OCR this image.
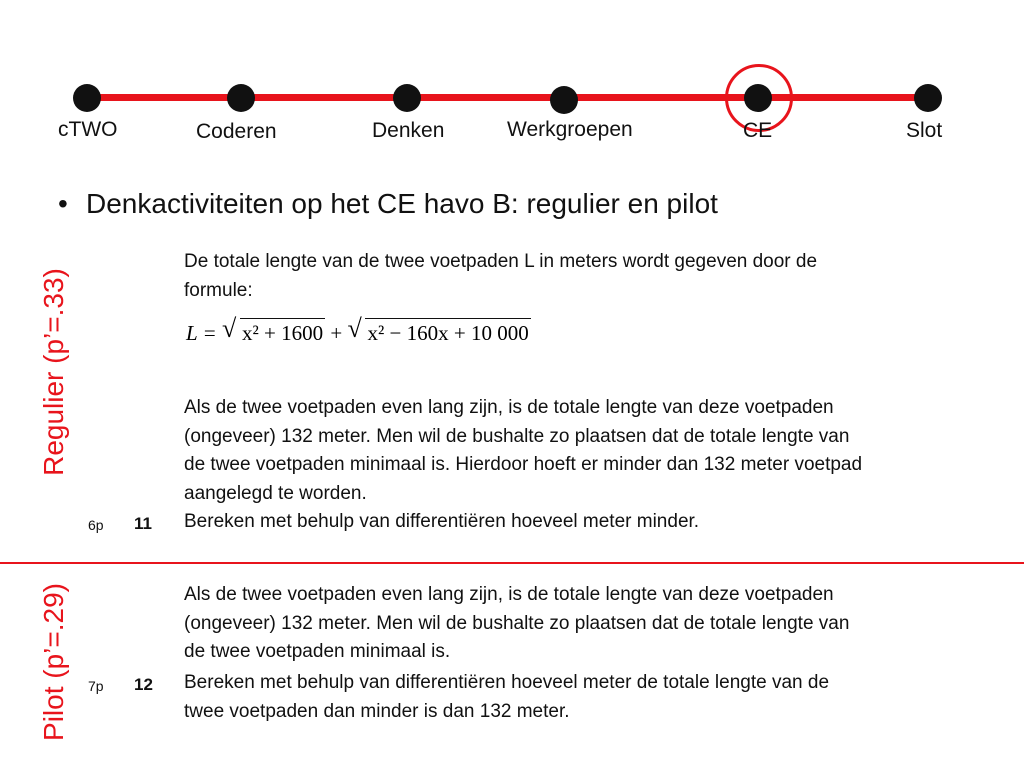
cTWO	Coderen	Denken	Werkgroepen	CE	Slot
• Denkactiviteiten op het CE havo B: regulier en pilot
Regulier (p’=.33)
Pilot (p’=.29)

De totale lengte van de twee voetpaden L in meters wordt gegeven door de

formule:

L = √ x² + 1600 + √ x² − 160x + 10 000

Als de twee voetpaden even lang zijn, is de totale lengte van deze voetpaden

(ongeveer) 132 meter. Men wil de bushalte zo plaatsen dat de totale lengte van

de twee voetpaden minimaal is. Hierdoor hoeft er minder dan 132 meter voetpad

aangelegd te worden.

6p 11 Bereken met behulp van differentiëren hoeveel meter minder.

Als de twee voetpaden even lang zijn, is de totale lengte van deze voetpaden

(ongeveer) 132 meter. Men wil de bushalte zo plaatsen dat de totale lengte van

de twee voetpaden minimaal is.

7p 12 Bereken met behulp van differentiëren hoeveel meter de totale lengte van de

twee voetpaden dan minder is dan 132 meter.
